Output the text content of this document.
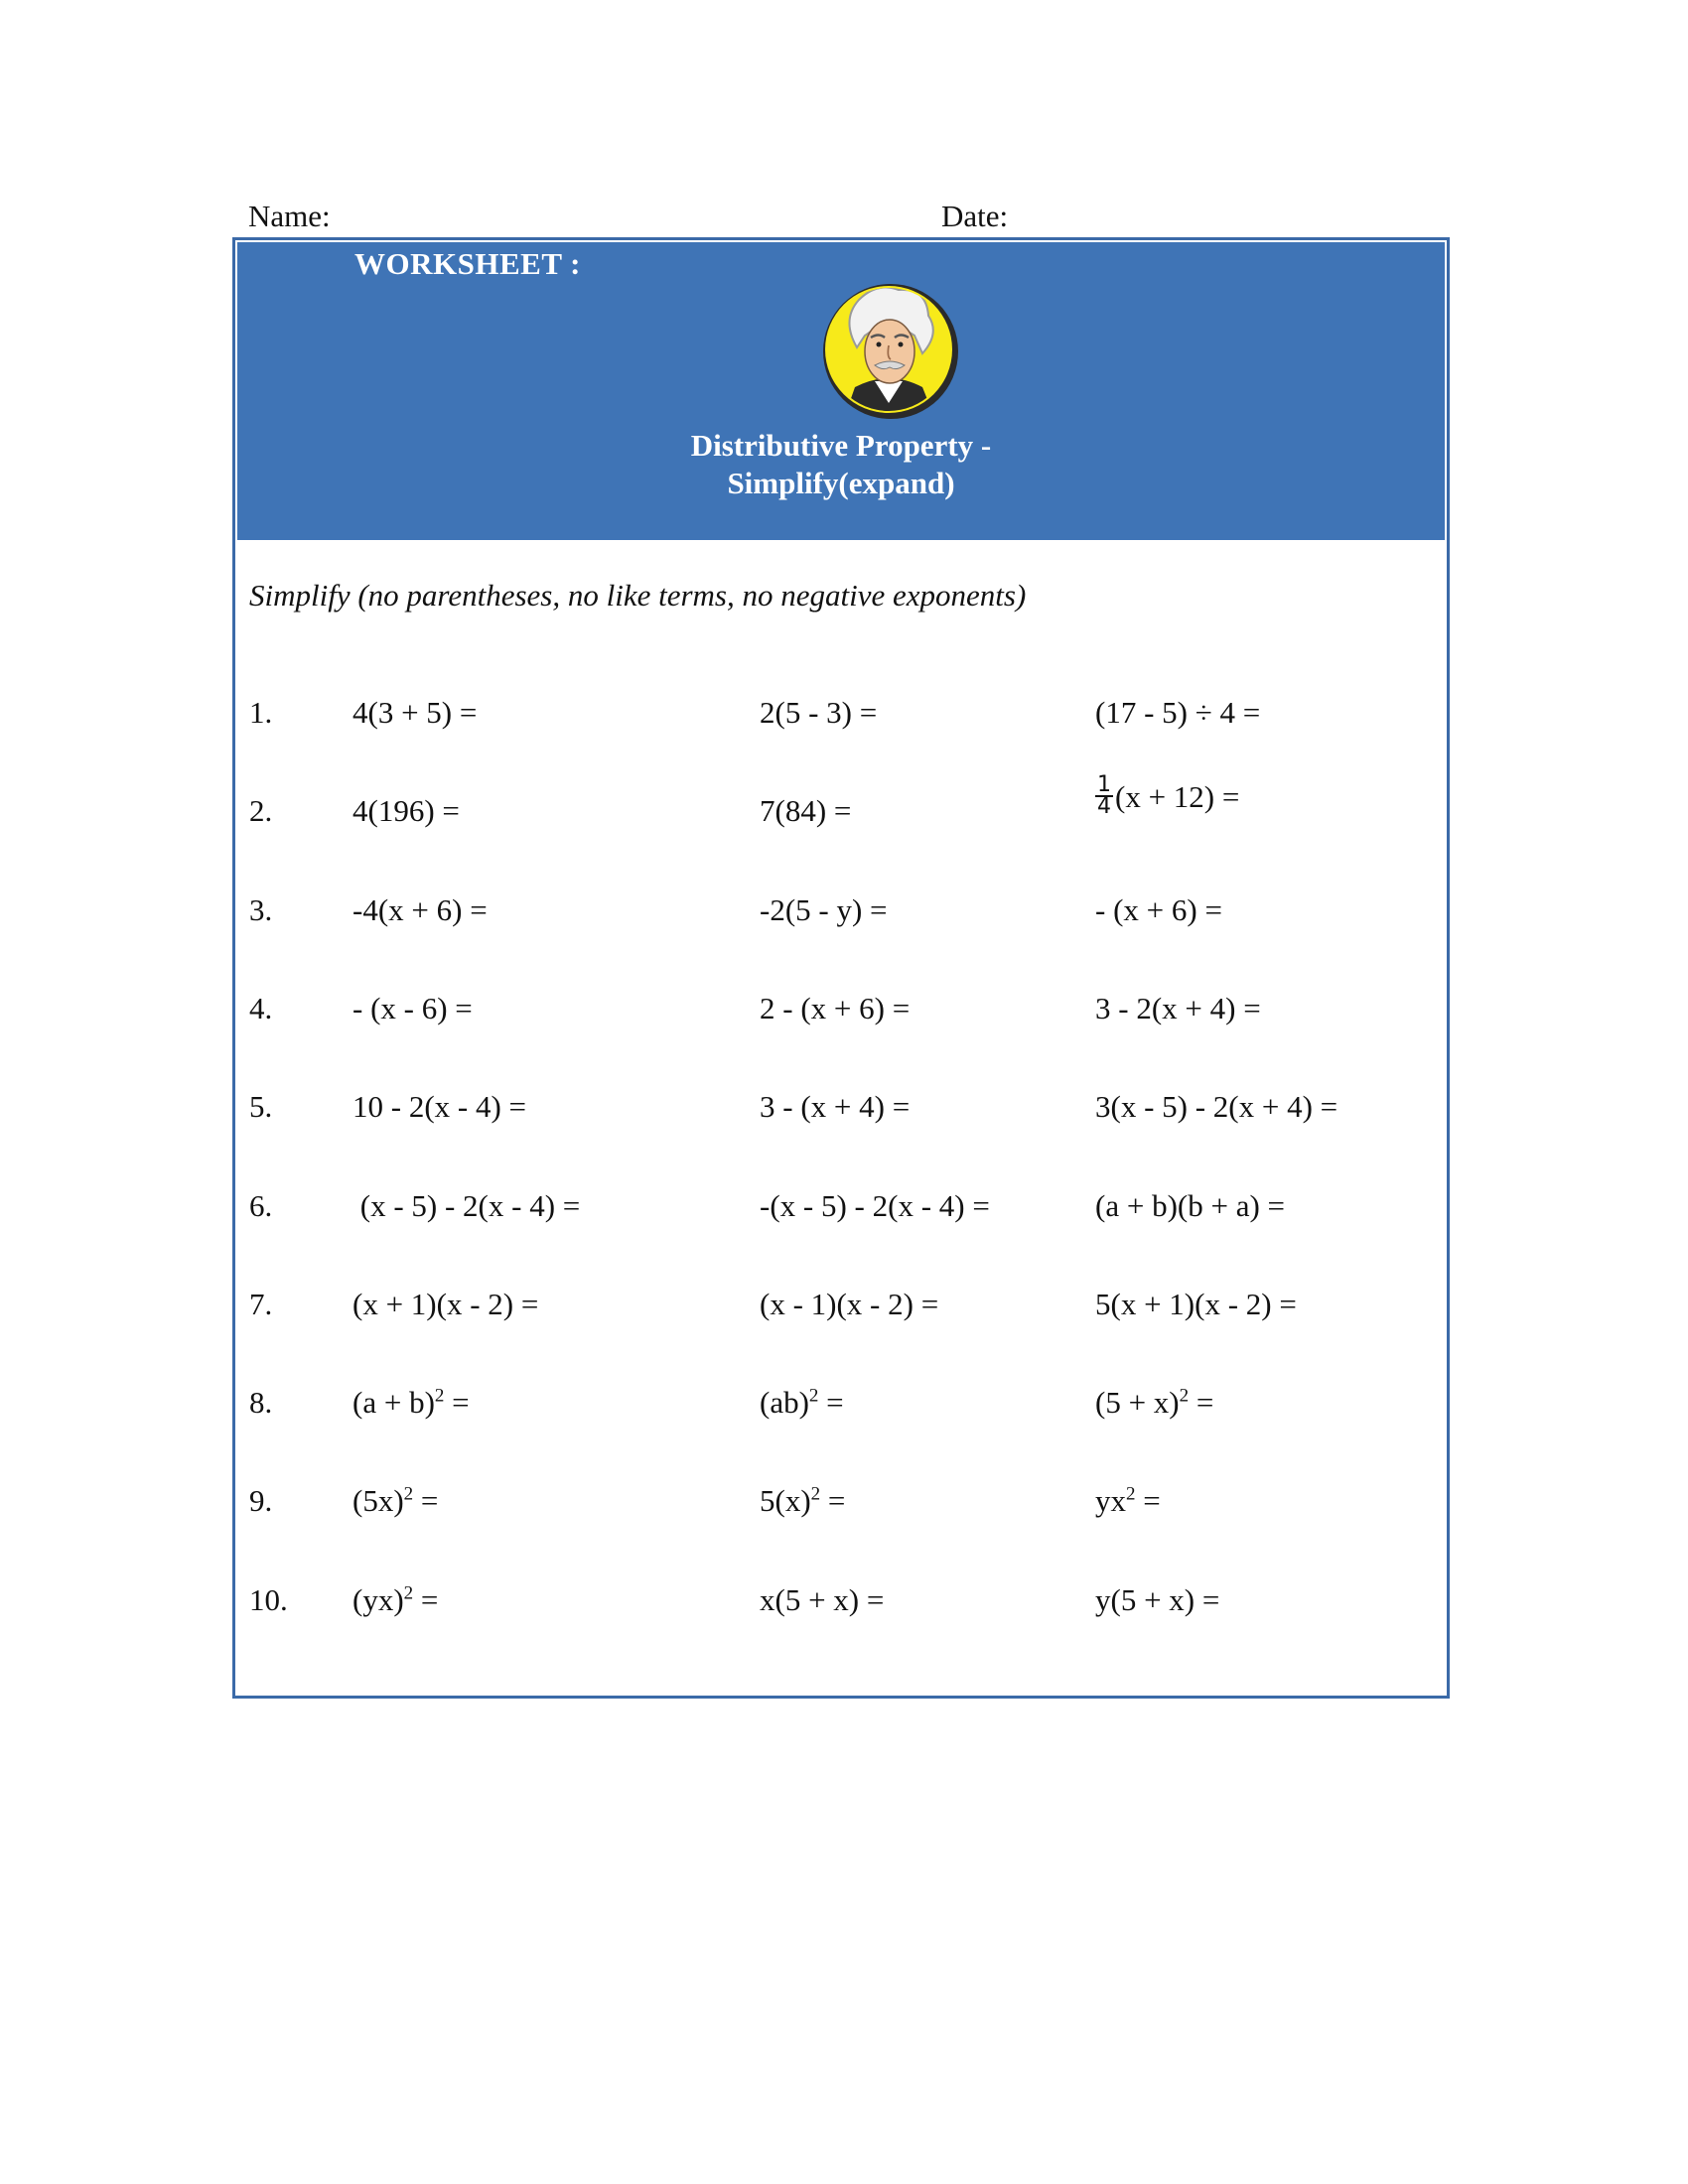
Name:	Date:
WORKSHEET :
Distributive Property -
Simplify(expand)
Simplify (no parentheses, no like terms, no negative exponents)
1.	4(3 + 5) =	2(5 - 3) =	(17 - 5) ÷ 4 =
2.	4(196) =	7(84) =	$\frac{1}{4} (x + 12)$ =
3.	-4(x + 6) =	-2(5 - y) =	- (x + 6) =
4.	- (x - 6) =	2 - (x + 6) =	3 - 2(x + 4) =
5.	10 - 2(x - 4) =	3 - (x + 4) =	3(x - 5) - 2(x + 4) =
6.	(x - 5) - 2(x - 4) =	-(x - 5) - 2(x - 4) =	(a + b)(b + a) =
7.	(x + 1)(x - 2) =	(x - 1)(x - 2) =	5(x + 1)(x - 2) =
8.	$(a + b)^2$ =	(ab)$^2$ =	$(5 + x)^2$ =
9.	$(5x)^2$ =	$5(x)^2$ =	$yx^2$ =
10. (yx)$^2$ =	x(5 + x) =	y(5 + x) =
